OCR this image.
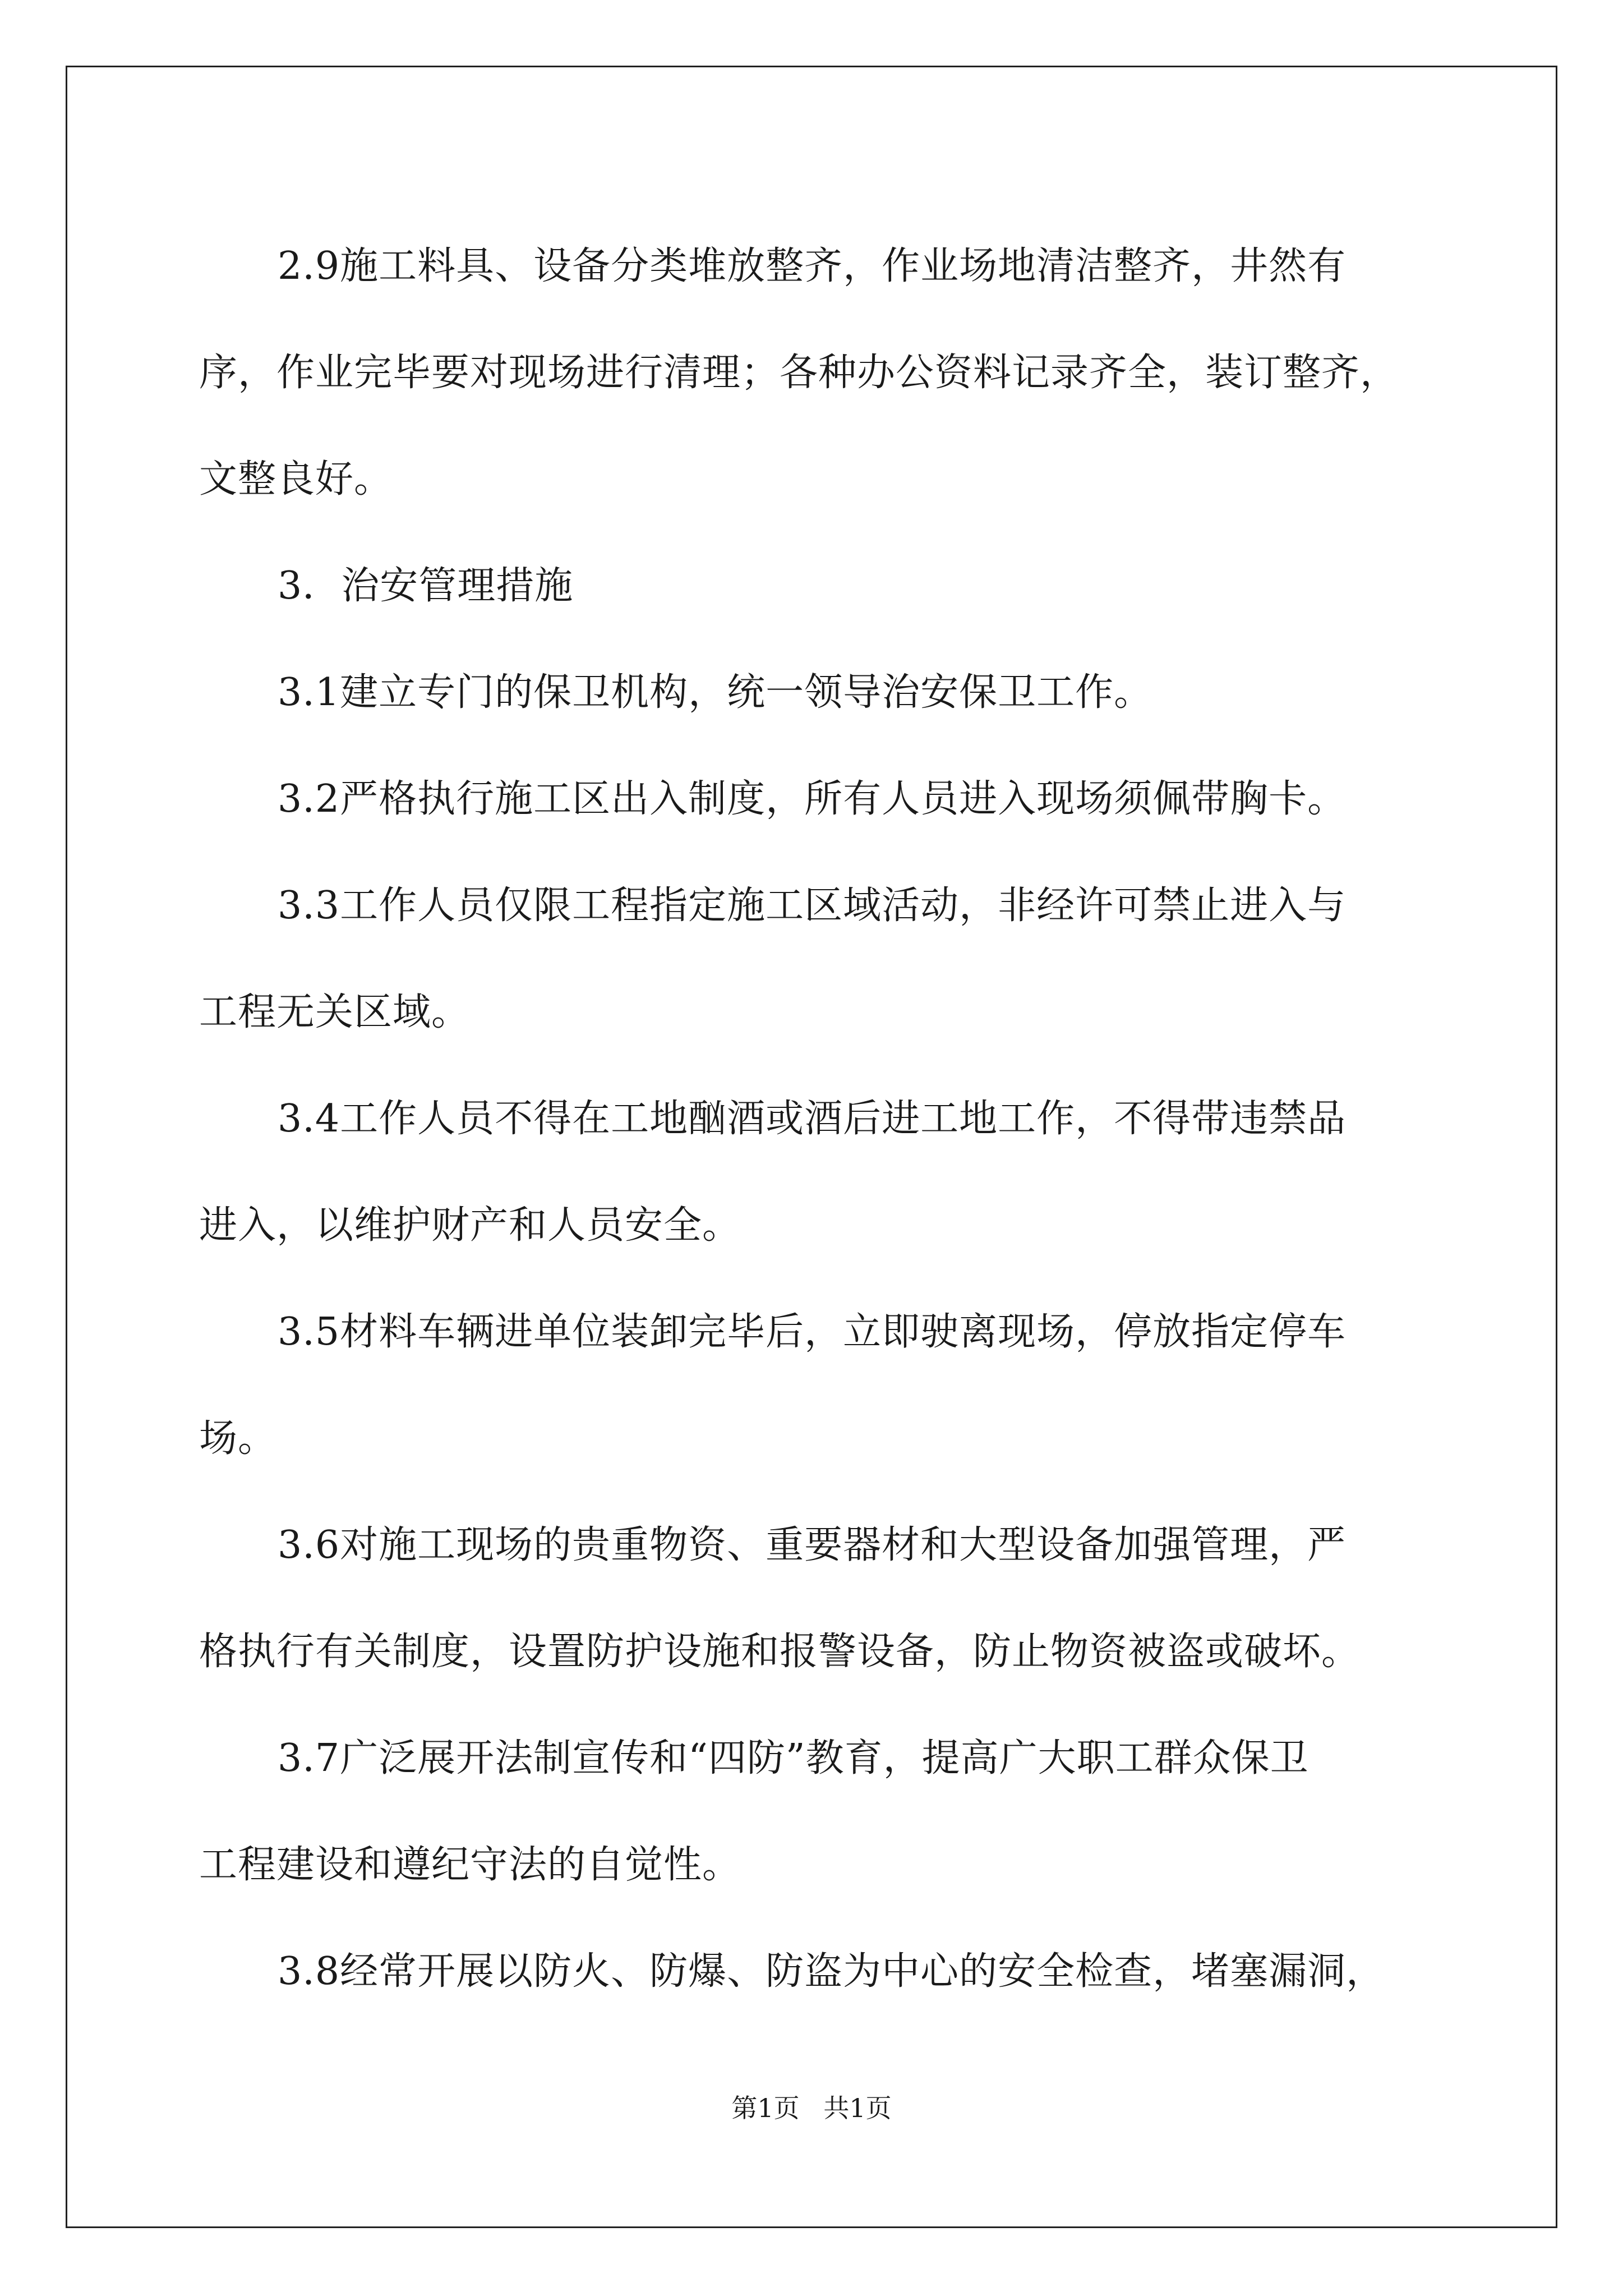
2.9施工料具、设备分类堆放整齐，作业场地清洁整齐，井然有
序，作业完毕要对现场进行清理；各种办公资料记录齐全，装订整齐，
文整良好。

3．治安管理措施

3.1建立专门的保卫机构，统一领导治安保卫工作。

3.2严格执行施工区出入制度，所有人员进入现场须佩带胸卡。

3.3工作人员仅限工程指定施工区域活动，非经许可禁止进入与
工程无关区域。

3.4工作人员不得在工地酗酒或酒后进工地工作，不得带违禁品
进入，以维护财产和人员安全。

3.5材料车辆进单位装卸完毕后，立即驶离现场，停放指定停车
场。

3.6对施工现场的贵重物资、重要器材和大型设备加强管理，严
格执行有关制度，设置防护设施和报警设备，防止物资被盗或破坏。

3.7广泛展开法制宣传和“四防”教育，提高广大职工群众保卫
工程建设和遵纪守法的自觉性。

3.8经常开展以防火、防爆、防盗为中心的安全检查，堵塞漏洞，

第1页 共1页
